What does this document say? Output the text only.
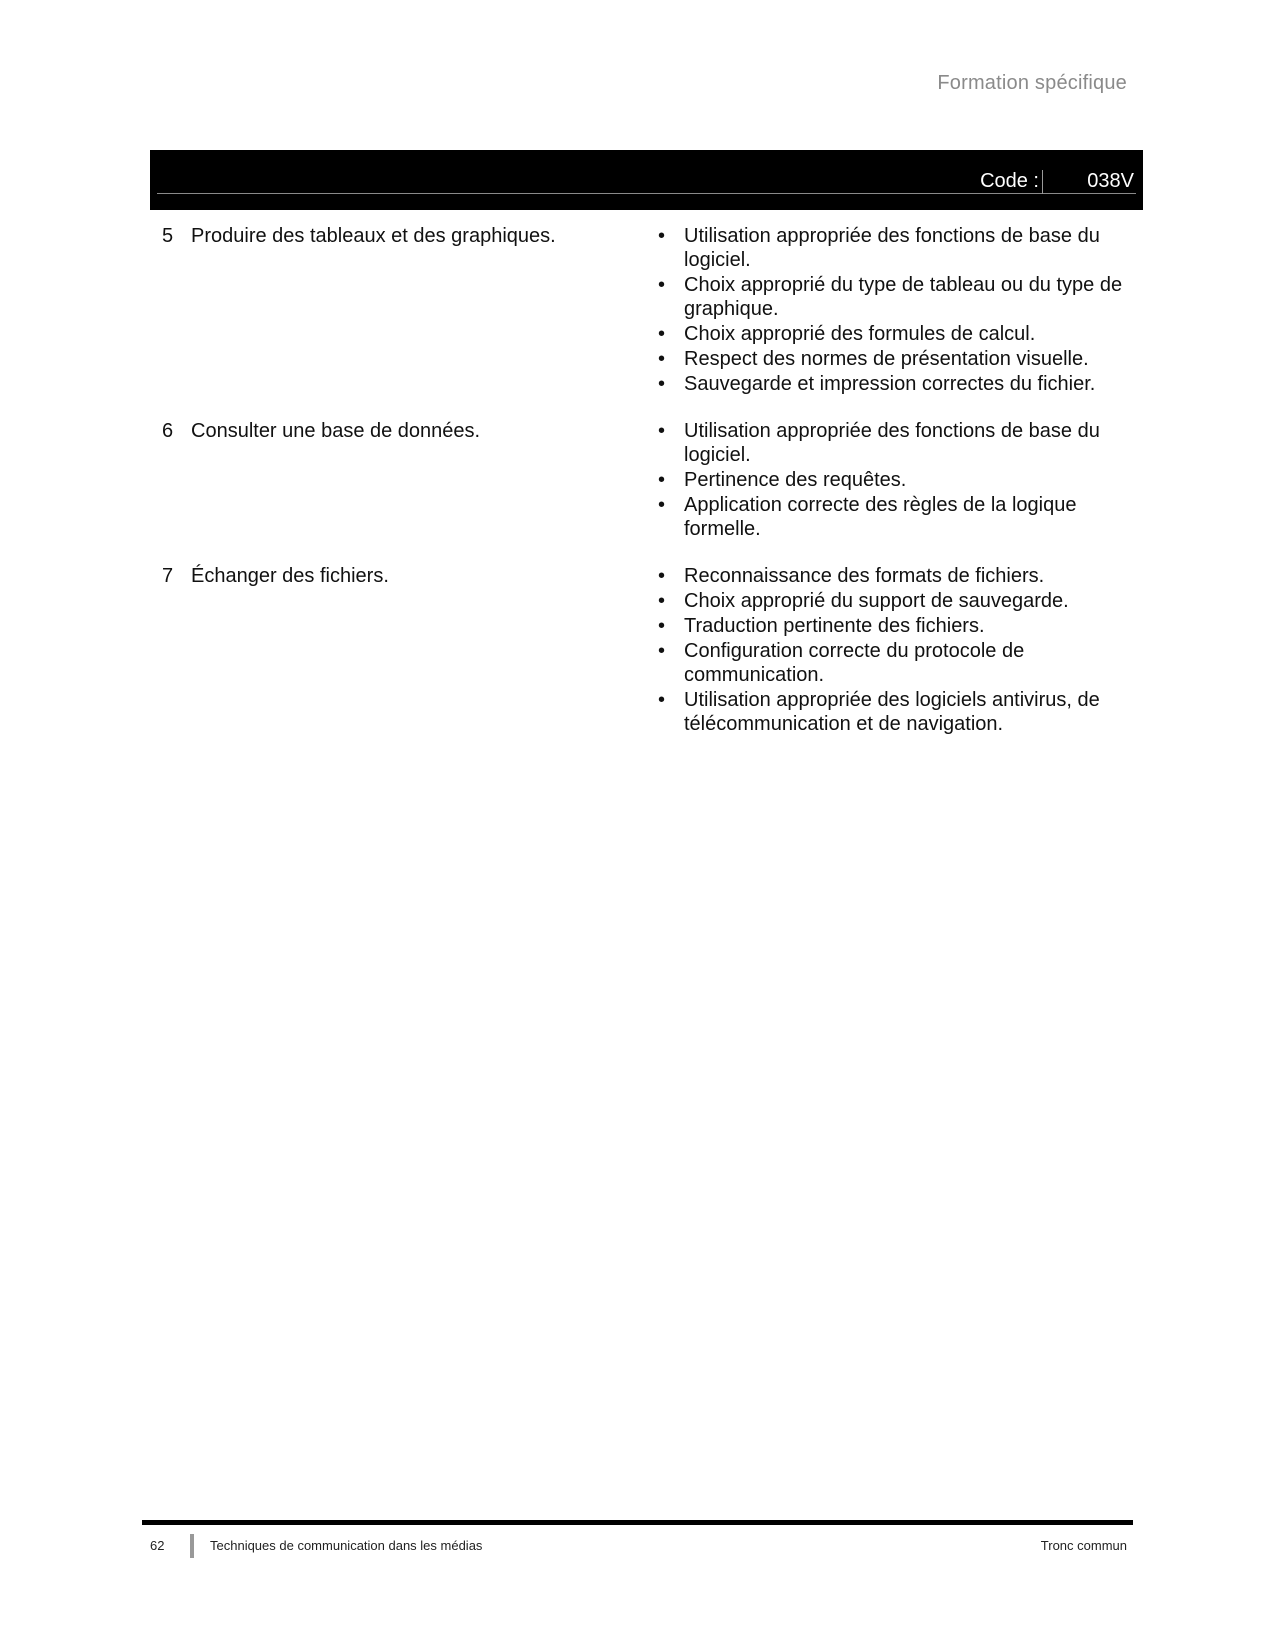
Formation spécifique
Code : 038V
5 Produire des tableaux et des graphiques.	• Utilisation appropriée des fonctions de base du logiciel.
• Choix approprié du type de tableau ou du type de graphique.
• Choix approprié des formules de calcul.
• Respect des normes de présentation visuelle.
• Sauvegarde et impression correctes du fichier.
6 Consulter une base de données.	• Utilisation appropriée des fonctions de base du logiciel.
• Pertinence des requêtes.
• Application correcte des règles de la logique formelle.
7 Échanger des fichiers.	• Reconnaissance des formats de fichiers.
• Choix approprié du support de sauvegarde.
• Traduction pertinente des fichiers.
• Configuration correcte du protocole de communication.
• Utilisation appropriée des logiciels antivirus, de télécommunication et de navigation.
62	Techniques de communication dans les médias	Tronc commun
